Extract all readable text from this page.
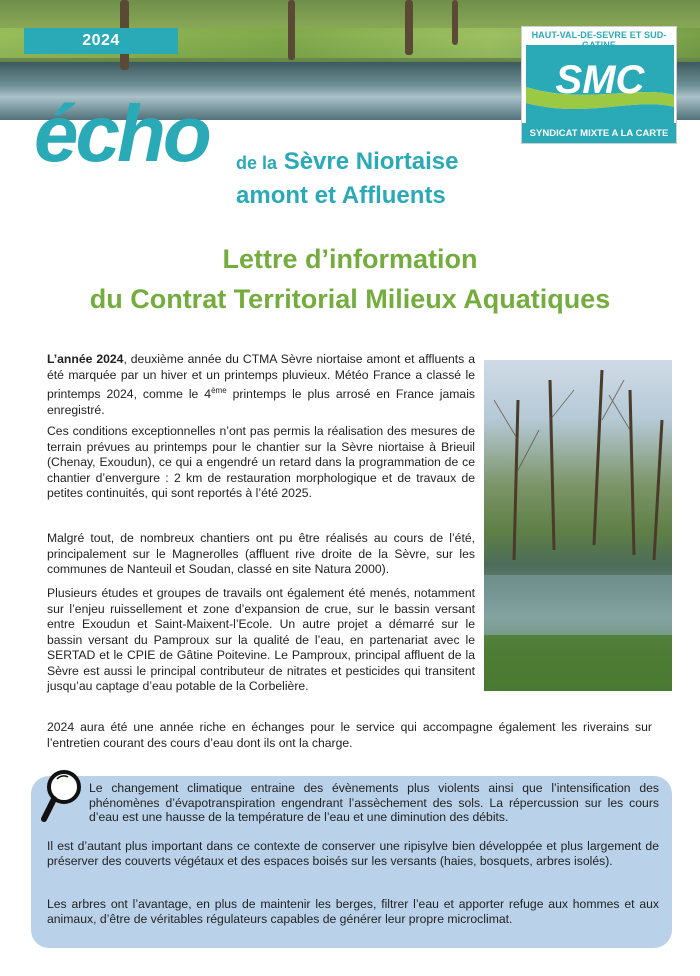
2024	HAUT-VAL-DE-SEVRE ET SUD-
SMC
SYNDICAT MIXTE A LA CARTE
écho de la Sèvre Niortaise
amont et Affluents
Lettre d’information
du Contrat Territorial Milieux Aquatiques
L’année 2024, deuxième année du CTMA Sèvre niortaise amont et affluents a été marquée par un hiver et un printemps pluvieux. Météo France a classé le printemps 2024, comme le 4ème printemps le plus arrosé en France jamais enregistré.
Ces conditions exceptionnelles n’ont pas permis la réalisation des mesures de terrain prévues au printemps pour le chantier sur la Sèvre niortaise à Brieuil (Chenay, Exoudun), ce qui a engendré un retard dans la programmation de ce chantier d’envergure : 2 km de restauration morphologique et de travaux de petites continuités, qui sont reportés à l’été 2025.
Malgré tout, de nombreux chantiers ont pu être réalisés au cours de l’été, principalement sur le Magnerolles (affluent rive droite de la Sèvre, sur les communes de Nanteuil et Soudan, classé en site Natura 2000).
Plusieurs études et groupes de travails ont également été menés, notamment sur l’enjeu ruissellement et zone d’expansion de crue, sur le bassin versant entre Exoudun et Saint-Maixent-l’Ecole. Un autre projet a démarré sur le bassin versant du Pamproux sur la qualité de l’eau, en partenariat avec le SERTAD et le CPIE de Gâtine Poitevine. Le Pamproux, principal affluent de la Sèvre est aussi le principal contributeur de nitrates et pesticides qui transitent jusqu’au captage d’eau potable de la Corbelière.
2024 aura été une année riche en échanges pour le service qui accompagne également les riverains sur l’entretien courant des cours d’eau dont ils ont la charge.
Le changement climatique entraine des évènements plus violents ainsi que l’intensification des phénomènes d’évapotranspiration engendrant l’assèchement des sols. La répercussion sur les cours d’eau est une hausse de la température de l’eau et une diminution des débits.
Il est d’autant plus important dans ce contexte de conserver une ripisylve bien développée et plus largement de préserver des couverts végétaux et des espaces boisés sur les versants (haies, bosquets, arbres isolés).
Les arbres ont l’avantage, en plus de maintenir les berges, filtrer l’eau et apporter refuge aux hommes et aux animaux, d’être de véritables régulateurs capables de générer leur propre microclimat.
